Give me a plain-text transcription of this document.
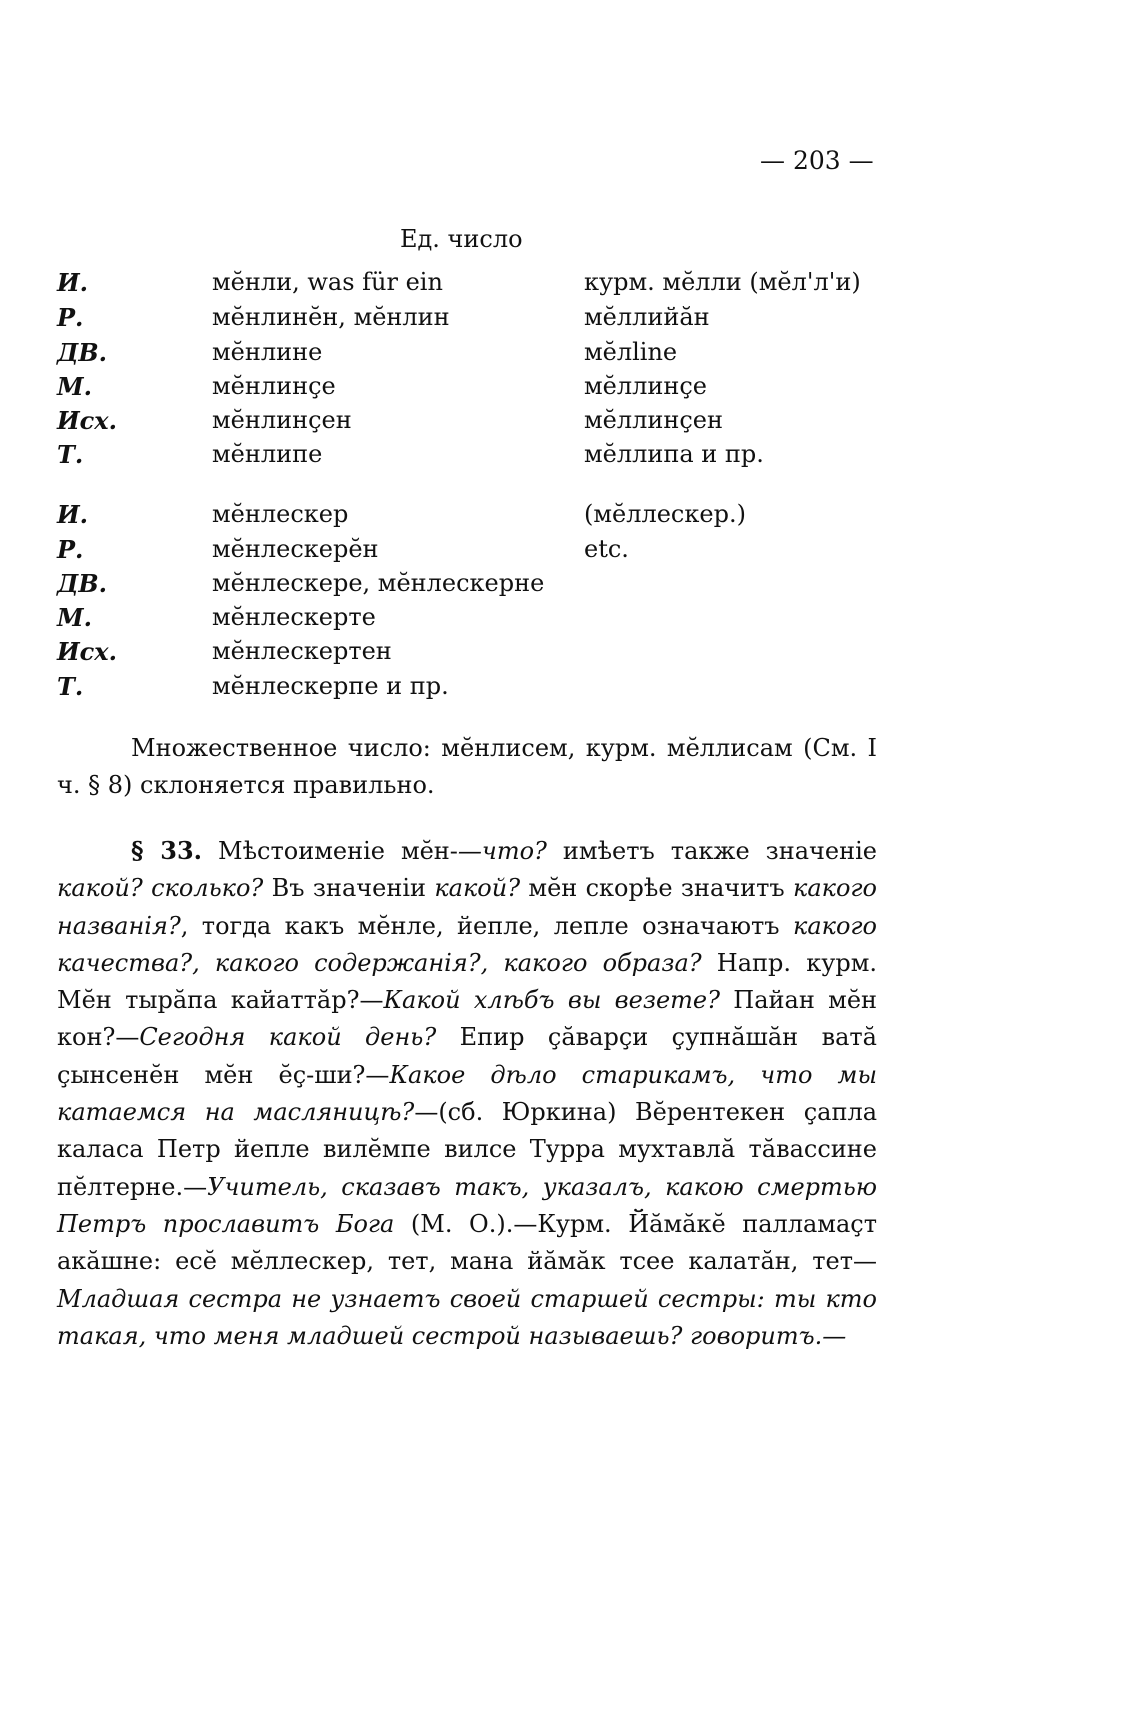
— 203 —
Ед. число
И.	мӗнли, was für ein	курм. мӗлли (мӗл'л'и)
Р.	мӗнлинӗн, мӗнлин	мӗллийӑн
ДВ.	мӗнлине	мӗлline
М.	мӗнлинҫе	мӗллинҫе
Исх.	мӗнлинҫен	мӗллинҫен
Т.	мӗнлипе	мӗллипа и пр.
И.	мӗнлескер	(мӗллескер.)
Р.	мӗнлескерӗн	etc.
ДВ.	мӗнлескере, мӗнлескерне
М.	мӗнлескерте
Исх.	мӗнлескертен
Т.	мӗнлескерпе и пр.

Множественное число: мӗнлисем, курм. мӗллисам (См. I ч. § 8) склоняется правильно.

§ 33. Мѣстоименіе мӗн-—что? имѣетъ также значеніе какой? сколько? Въ значеніи какой? мӗн скорѣе значитъ какого названія?, тогда какъ мӗнле, йепле, лепле означаютъ какого качества?, какого содержанія?, какого образа? Напр. курм. Мӗн тырӑпа кайаттӑр?—Какой хлѣбъ вы везете? Пайан мӗн кон?—Сегодня какой день? Епир ҫӑварҫи ҫупнӑшӑн ватӑ ҫынсенӗн мӗн ӗҫ-ши?—Какое дѣло старикамъ, что мы катаемся на масляницѣ?—(сб. Юркина) Вӗрентекен ҫапла каласа Петр йепле вилӗмпе вилсе Турра мухтавлӑ тӑвассине пӗлтерне.—Учитель, сказавъ такъ, указалъ, какою смертью Петръ прославитъ Бога (М. О.).—Курм. Йӑмӑкӗ палламаҫт акӑшне: есӗ мӗллескер, тет, мана йӑмӑк тсее калатӑн, тет—Младшая сестра не узнаетъ своей старшей сестры: ты кто такая, что меня младшей сестрой называешь? говоритъ.—
